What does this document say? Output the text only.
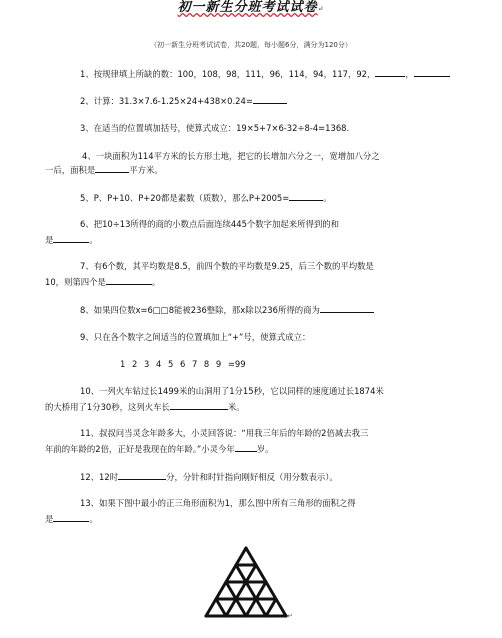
初一新生分班考试试卷↵
（初一新生分班考试试卷，共20题，每小题6分，满分为120分）
1、按规律填上所缺的数：100，108，98，111，96，114，94，117，92，	，
2、计算：31.3×7.6-1.25×24+438×0.24=
3、在适当的位置填加括号，使算式成立：19×5+7×6-32÷8-4=1368.
4、一块面积为114平方米的长方形土地，把它的长增加六分之一，宽增加八分之
一后，面积是	平方米。
5、P、P+10、P+20都是素数（质数），那么P+2005=	。
6、把10÷13所得的商的小数点后面连续445个数字加起来所得到的和
是	。
7、有6个数，其平均数是8.5，前四个数的平均数是9.25，后三个数的平均数是
10，则第四个是	。
8、如果四位数x=6□□8能被236整除，那x除以236所得的商为
9、只在各个数字之间适当的位置填加上“+”号，使算式成立：
1 2 3 4 5 6 7 8 9 =99
10、一列火车钻过长1499米的山洞用了1分15秒，它以同样的速度通过长1874米
的大桥用了1分30秒，这列火车长	米。
11、叔叔问当灵念年龄多大，小灵回答说：“用我三年后的年龄的2倍减去我三
年前的年龄的2倍，正好是我现在的年龄。”小灵今年	岁。
12、12时	分，分针和时针指向刚好相反（用分数表示）。
13、如果下图中最小的正三角形面积为1，那么图中所有三角形的面积之得
是	。
↵
